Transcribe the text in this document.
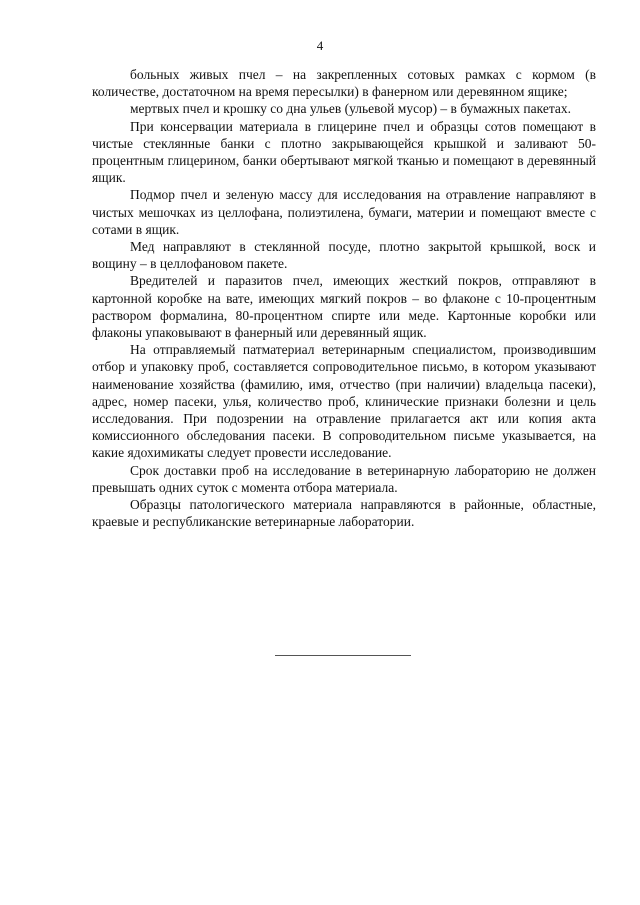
4

больных живых пчел – на закрепленных сотовых рамках с кормом (в количестве, достаточном на время пересылки) в фанерном или деревянном ящике;

мертвых пчел и крошку со дна ульев (ульевой мусор) – в бумажных пакетах.

При консервации материала в глицерине пчел и образцы сотов помещают в чистые стеклянные банки с плотно закрывающейся крышкой и заливают 50-процентным глицерином, банки обертывают мягкой тканью и помещают в деревянный ящик.

Подмор пчел и зеленую массу для исследования на отравление направляют в чистых мешочках из целлофана, полиэтилена, бумаги, материи и помещают вместе с сотами в ящик.

Мед направляют в стеклянной посуде, плотно закрытой крышкой, воск и вощину – в целлофановом пакете.

Вредителей и паразитов пчел, имеющих жесткий покров, отправляют в картонной коробке на вате, имеющих мягкий покров – во флаконе с 10-процентным раствором формалина, 80-процентном спирте или меде. Картонные коробки или флаконы упаковывают в фанерный или деревянный ящик.

На отправляемый патматериал ветеринарным специалистом, производившим отбор и упаковку проб, составляется сопроводительное письмо, в котором указывают наименование хозяйства (фамилию, имя, отчество (при наличии) владельца пасеки), адрес, номер пасеки, улья, количество проб, клинические признаки болезни и цель исследования. При подозрении на отравление прилагается акт или копия акта комиссионного обследования пасеки. В сопроводительном письме указывается, на какие ядохимикаты следует провести исследование.

Срок доставки проб на исследование в ветеринарную лабораторию не должен превышать одних суток с момента отбора материала.

Образцы патологического материала направляются в районные, областные, краевые и республиканские ветеринарные лаборатории.
